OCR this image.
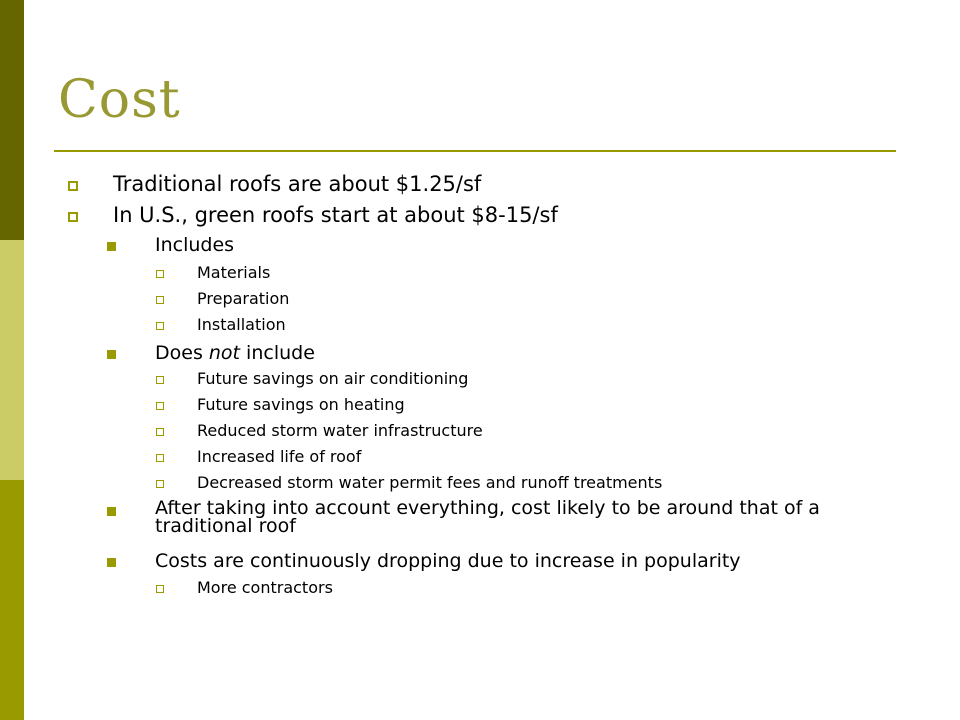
Cost
Traditional roofs are about $1.25/sf
In U.S., green roofs start at about $8-15/sf
Includes
Materials
Preparation
Installation
Does not include
Future savings on air conditioning
Future savings on heating
Reduced storm water infrastructure
Increased life of roof
Decreased storm water permit fees and runoff treatments
After taking into account everything, cost likely to be around that of a traditional roof
Costs are continuously dropping due to increase in popularity
More contractors
